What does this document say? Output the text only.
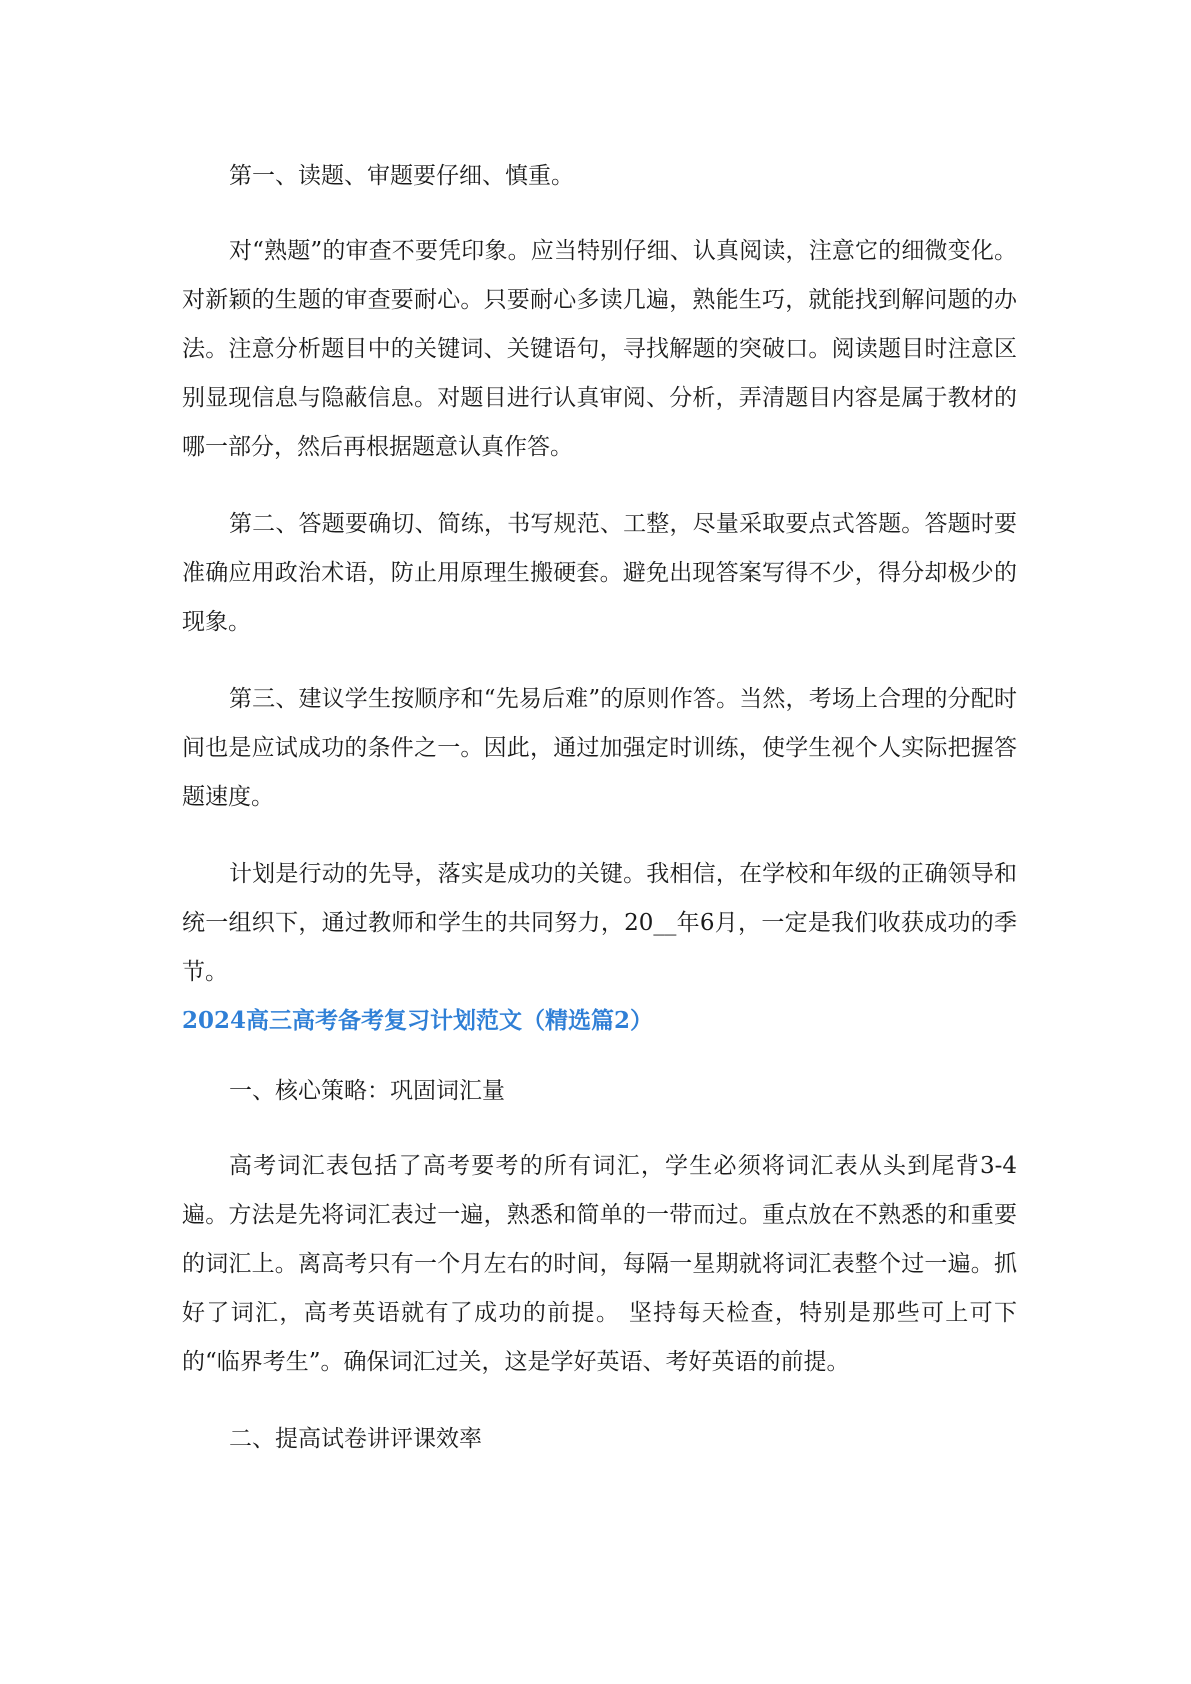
第一、读题、审题要仔细、慎重。

对“熟题”的审查不要凭印象。应当特别仔细、认真阅读，注意它的细微变化。对新颖的生题的审查要耐心。只要耐心多读几遍，熟能生巧，就能找到解问题的办法。注意分析题目中的关键词、关键语句，寻找解题的突破口。阅读题目时注意区别显现信息与隐蔽信息。对题目进行认真审阅、分析，弄清题目内容是属于教材的哪一部分，然后再根据题意认真作答。

第二、答题要确切、简练，书写规范、工整，尽量采取要点式答题。答题时要准确应用政治术语，防止用原理生搬硬套。避免出现答案写得不少，得分却极少的现象。

第三、建议学生按顺序和“先易后难”的原则作答。当然，考场上合理的分配时间也是应试成功的条件之一。因此，通过加强定时训练，使学生视个人实际把握答题速度。

计划是行动的先导，落实是成功的关键。我相信，在学校和年级的正确领导和统一组织下，通过教师和学生的共同努力，20__年6月，一定是我们收获成功的季节。

2024高三高考备考复习计划范文（精选篇2）

一、核心策略：巩固词汇量

高考词汇表包括了高考要考的所有词汇，学生必须将词汇表从头到尾背3-4遍。方法是先将词汇表过一遍，熟悉和简单的一带而过。重点放在不熟悉的和重要的词汇上。离高考只有一个月左右的时间，每隔一星期就将词汇表整个过一遍。抓好了词汇，高考英语就有了成功的前提。 坚持每天检查，特别是那些可上可下的“临界考生”。确保词汇过关，这是学好英语、考好英语的前提。

二、提高试卷讲评课效率
